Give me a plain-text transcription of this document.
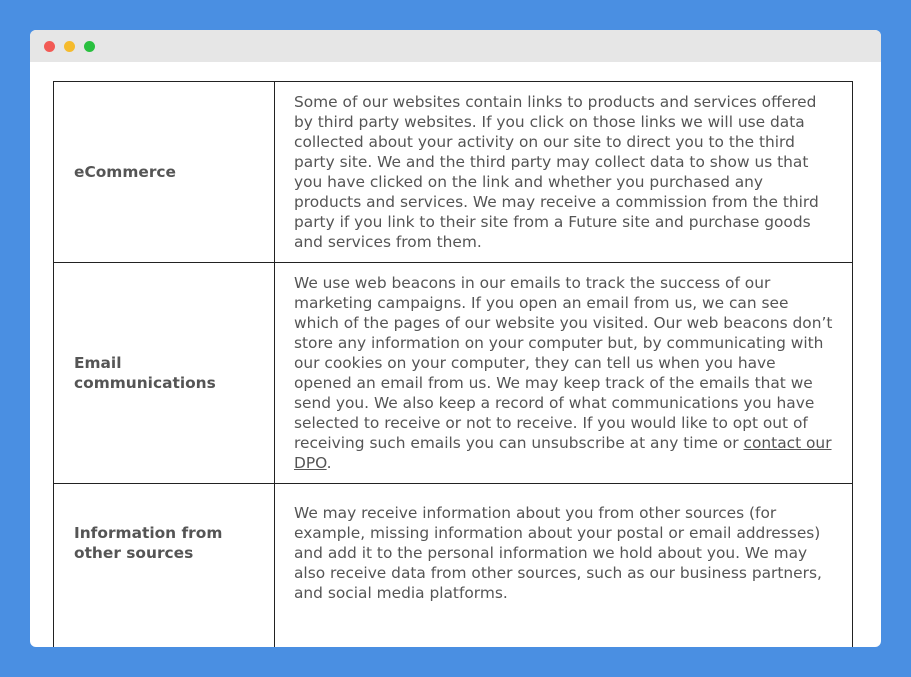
eCommerce	Some of our websites contain links to products and services offered by third party websites. If you click on those links we will use data collected about your activity on our site to direct you to the third party site. We and the third party may collect data to show us that you have clicked on the link and whether you purchased any products and services. We may receive a commission from the third party if you link to their site from a Future site and purchase goods and services from them.
Email communications	We use web beacons in our emails to track the success of our marketing campaigns. If you open an email from us, we can see which of the pages of our website you visited. Our web beacons don’t store any information on your computer but, by communicating with our cookies on your computer, they can tell us when you have opened an email from us. We may keep track of the emails that we send you. We also keep a record of what communications you have selected to receive or not to receive. If you would like to opt out of receiving such emails you can unsubscribe at any time or contact our DPO.
Information from other sources	We may receive information about you from other sources (for example, missing information about your postal or email addresses) and add it to the personal information we hold about you. We may also receive data from other sources, such as our business partners, and social media platforms.
